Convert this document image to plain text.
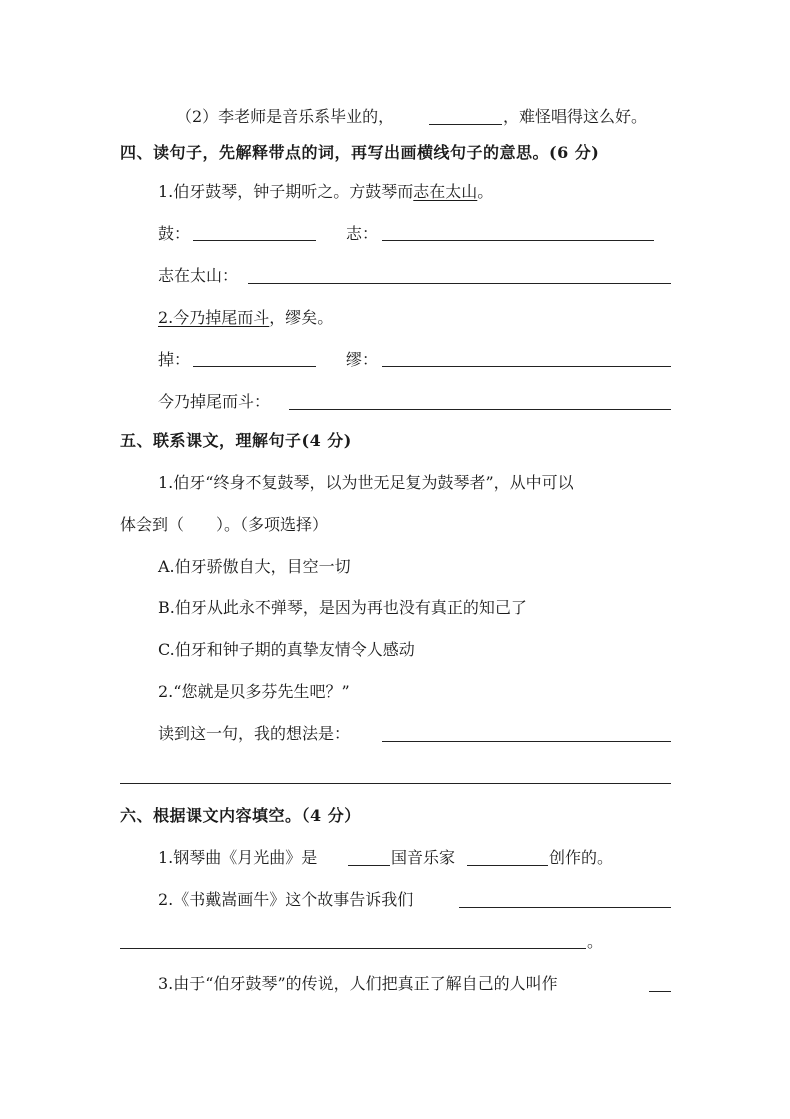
（2）李老师是音乐系毕业的，	，难怪唱得这么好。
四、读句子，先解释带点的词，再写出画横线句子的意思。(6 分)
1.伯牙鼓琴，钟子期听之。方鼓琴而志在太山。
鼓：	志：
志在太山：
2.今乃掉尾而斗，缪矣。
掉：	缪：
今乃掉尾而斗：
五、联系课文，理解句子(4 分)
1.伯牙“终身不复鼓琴，以为世无足复为鼓琴者”，从中可以
体会到（　　）。（多项选择）
A.伯牙骄傲自大，目空一切
B.伯牙从此永不弹琴，是因为再也没有真正的知己了
C.伯牙和钟子期的真挚友情令人感动
2.“您就是贝多芬先生吧？”
读到这一句，我的想法是：
六、根据课文内容填空。（4 分）
1.钢琴曲《月光曲》是	国音乐家	创作的。
2.《书戴嵩画牛》这个故事告诉我们
。
3.由于“伯牙鼓琴”的传说，人们把真正了解自己的人叫作
